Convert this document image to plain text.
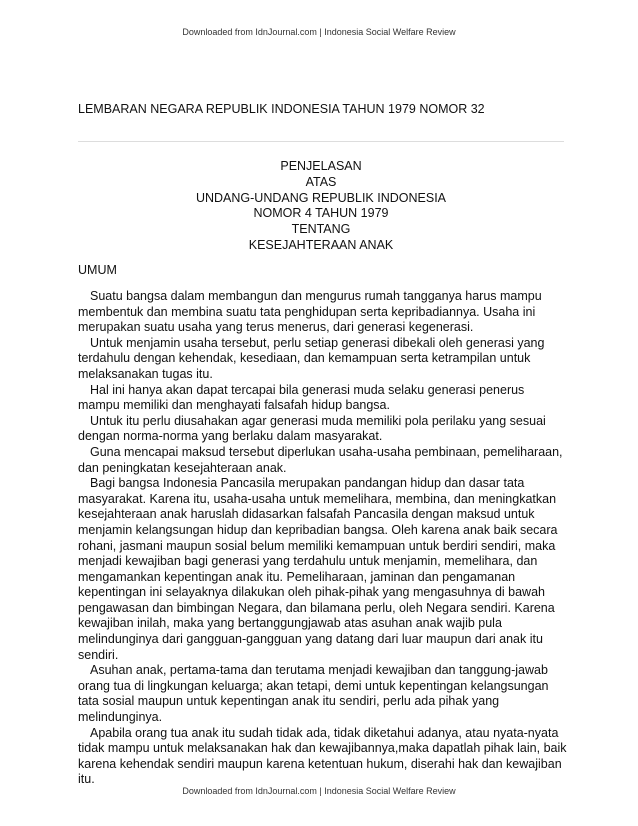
Downloaded from IdnJournal.com | Indonesia Social Welfare Review
LEMBARAN NEGARA REPUBLIK INDONESIA TAHUN 1979 NOMOR 32
PENJELASAN
ATAS
UNDANG-UNDANG REPUBLIK INDONESIA
NOMOR 4 TAHUN 1979
TENTANG
KESEJAHTERAAN ANAK
UMUM

Suatu bangsa dalam membangun dan mengurus rumah tangganya harus mampu membentuk dan membina suatu tata penghidupan serta kepribadiannya. Usaha ini merupakan suatu usaha yang terus menerus, dari generasi kegenerasi.

Untuk menjamin usaha tersebut, perlu setiap generasi dibekali oleh generasi yang terdahulu dengan kehendak, kesediaan, dan kemampuan serta ketrampilan untuk melaksanakan tugas itu.

Hal ini hanya akan dapat tercapai bila generasi muda selaku generasi penerus mampu memiliki dan menghayati falsafah hidup bangsa.

Untuk itu perlu diusahakan agar generasi muda memiliki pola perilaku yang sesuai dengan norma-norma yang berlaku dalam masyarakat.

Guna mencapai maksud tersebut diperlukan usaha-usaha pembinaan, pemeliharaan, dan peningkatan kesejahteraan anak.

Bagi bangsa Indonesia Pancasila merupakan pandangan hidup dan dasar tata masyarakat. Karena itu, usaha-usaha untuk memelihara, membina, dan meningkatkan kesejahteraan anak haruslah didasarkan falsafah Pancasila dengan maksud untuk menjamin kelangsungan hidup dan kepribadian bangsa. Oleh karena anak baik secara rohani, jasmani maupun sosial belum memiliki kemampuan untuk berdiri sendiri, maka menjadi kewajiban bagi generasi yang terdahulu untuk menjamin, memelihara, dan mengamankan kepentingan anak itu. Pemeliharaan, jaminan dan pengamanan kepentingan ini selayaknya dilakukan oleh pihak-pihak yang mengasuhnya di bawah pengawasan dan bimbingan Negara, dan bilamana perlu, oleh Negara sendiri. Karena kewajiban inilah, maka yang bertanggungjawab atas asuhan anak wajib pula melindunginya dari gangguan-gangguan yang datang dari luar maupun dari anak itu sendiri.

Asuhan anak, pertama-tama dan terutama menjadi kewajiban dan tanggung-jawab orang tua di lingkungan keluarga; akan tetapi, demi untuk kepentingan kelangsungan tata sosial maupun untuk kepentingan anak itu sendiri, perlu ada pihak yang melindunginya.

Apabila orang tua anak itu sudah tidak ada, tidak diketahui adanya, atau nyata-nyata tidak mampu untuk melaksanakan hak dan kewajibannya,maka dapatlah pihak lain, baik karena kehendak sendiri maupun karena ketentuan hukum, diserahi hak dan kewajiban itu.

Downloaded from IdnJournal.com | Indonesia Social Welfare Review
